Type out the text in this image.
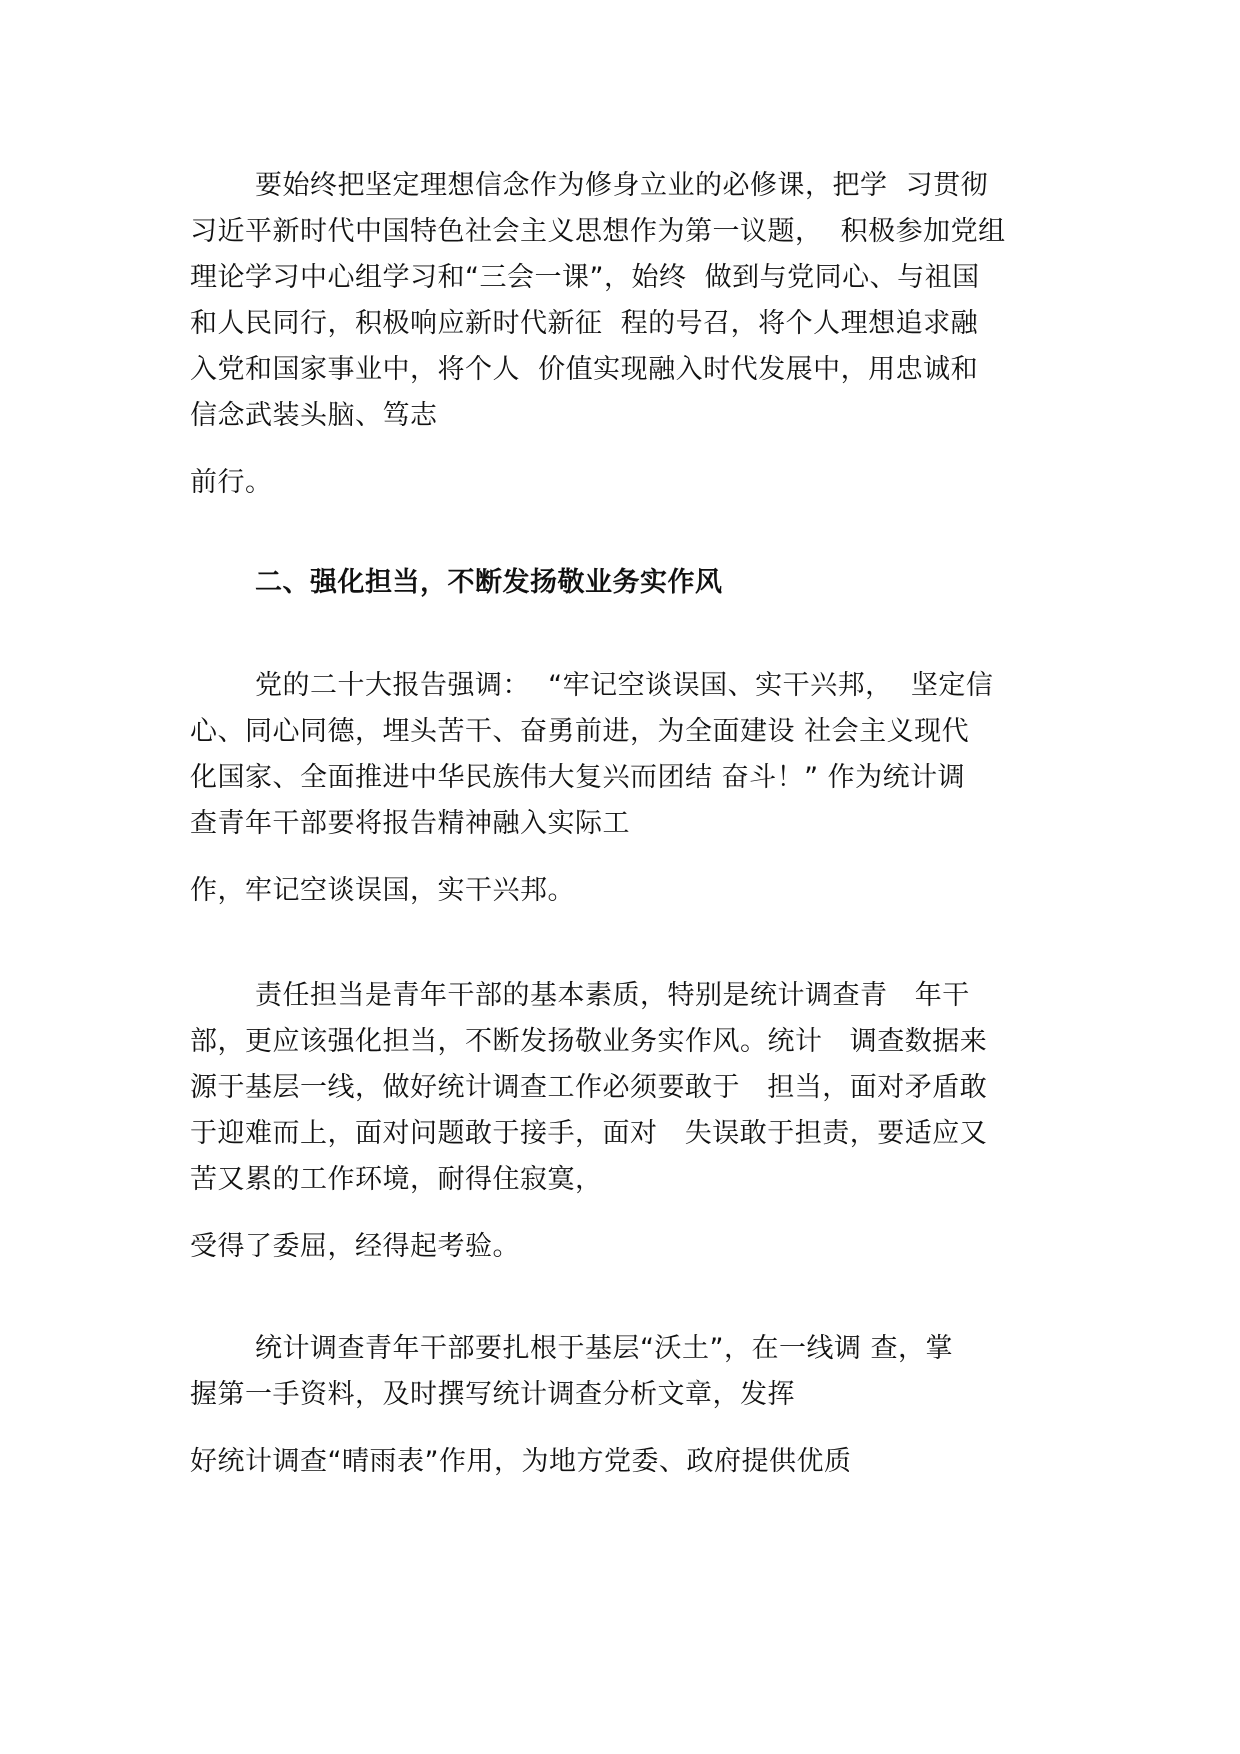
要始终把坚定理想信念作为修身立业的必修课，把学  习贯彻

习近平新时代中国特色社会主义思想作为第一议题，  积极参加党组

理论学习中心组学习和“三会一课”，始终  做到与党同心、与祖国

和人民同行，积极响应新时代新征  程的号召，将个人理想追求融

入党和国家事业中，将个人  价值实现融入时代发展中，用忠诚和

信念武装头脑、笃志

前行。

二、强化担当，不断发扬敬业务实作风

党的二十大报告强调：  “牢记空谈误国、实干兴邦，  坚定信

心、同心同德，埋头苦干、奋勇前进，为全面建设 社会主义现代

化国家、全面推进中华民族伟大复兴而团结 奋斗！” 作为统计调

查青年干部要将报告精神融入实际工

作，牢记空谈误国，实干兴邦。

责任担当是青年干部的基本素质，特别是统计调查青   年干

部，更应该强化担当，不断发扬敬业务实作风。统计   调查数据来

源于基层一线，做好统计调查工作必须要敢于   担当，面对矛盾敢

于迎难而上，面对问题敢于接手，面对   失误敢于担责，要适应又

苦又累的工作环境，耐得住寂寞，

受得了委屈，经得起考验。

统计调查青年干部要扎根于基层“沃土”，在一线调 查，掌

握第一手资料，及时撰写统计调查分析文章，发挥

好统计调查“晴雨表”作用，为地方党委、政府提供优质
